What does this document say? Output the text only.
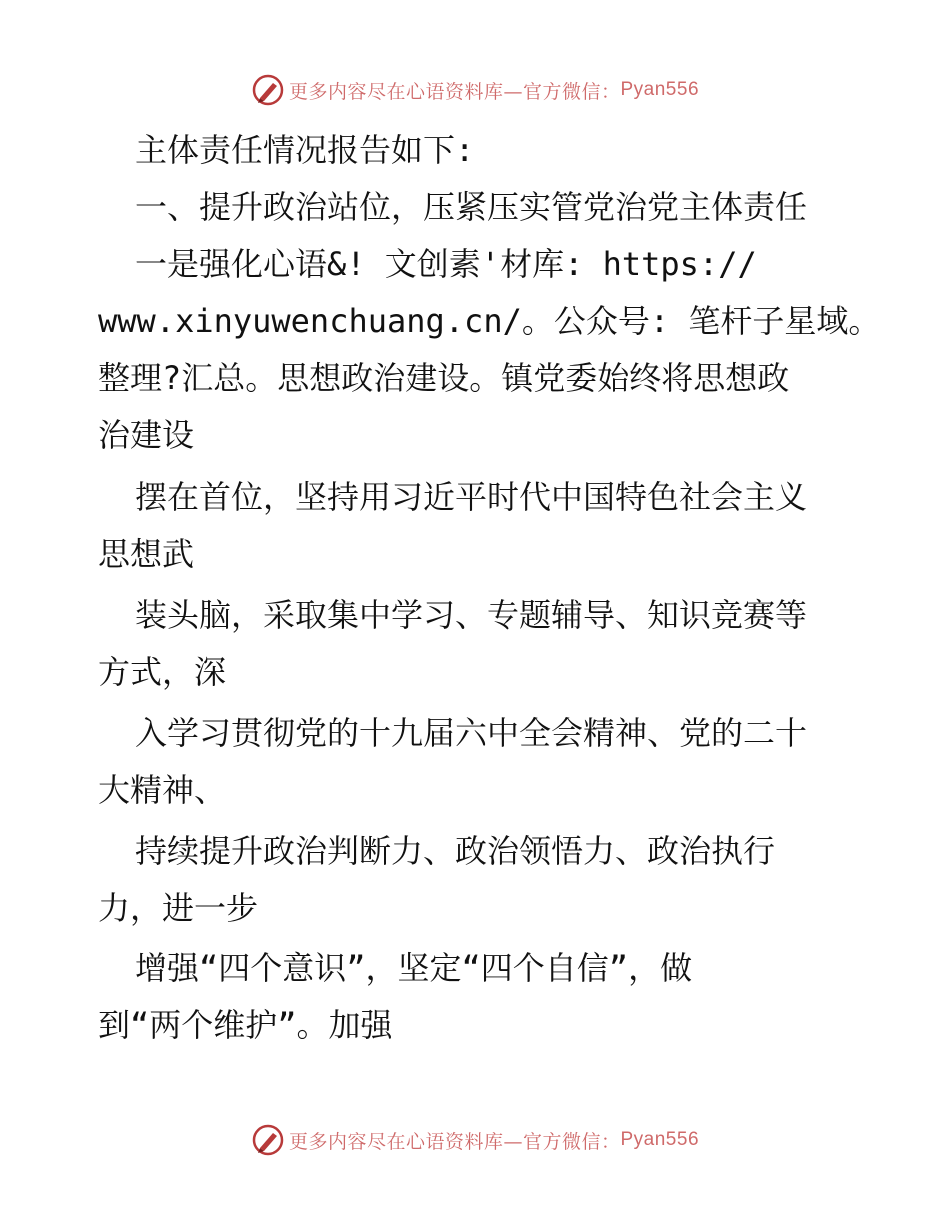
更多内容尽在心语资料库—官方微信： Pyan556
主体责任情况报告如下:
一、提升政治站位，压紧压实管党治党主体责任
一是强化心语&! 文创素'材库: https://
www.xinyuwenchuang.cn/。公众号: 笔杆子星域。
整理?汇总。思想政治建设。镇党委始终将思想政
治建设
摆在首位，坚持用习近平时代中国特色社会主义
思想武
装头脑，采取集中学习、专题辅导、知识竞赛等
方式，深
入学习贯彻党的十九届六中全会精神、党的二十
大精神、
持续提升政治判断力、政治领悟力、政治执行
力，进一步
增强“四个意识”，坚定“四个自信”，做
到“两个维护”。加强
更多内容尽在心语资料库—官方微信： Pyan556
